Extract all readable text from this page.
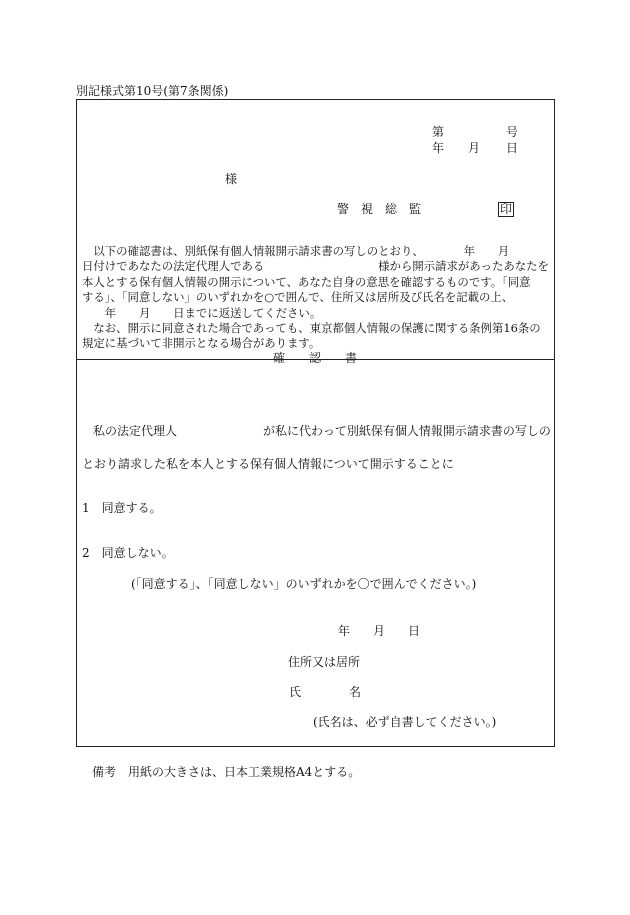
別記様式第10号(第7条関係)
第	号
年 月 日
様
警　視　総　監	印

　以下の確認書は、別紙保有個人情報開示請求書の写しのとおり、　　　　年　　月

日付けであなたの法定代理人である　　　　　　　　　　様から開示請求があったあなたを

本人とする保有個人情報の開示について、あなた自身の意思を確認するものです。「同意

する」、「同意しない」のいずれかを○で囲んで、住所又は居所及び氏名を記載の上、

　　年　　月　　日までに返送してください。

　なお、開示に同意された場合であっても、東京都個人情報の保護に関する条例第16条の

規定に基づいて非開示となる場合があります。

確　　認　　書
私の法定代理人	が私に代わって別紙保有個人情報開示請求書の写しの
とおり請求した私を本人とする保有個人情報について開示することに
1　同意する。
2　同意しない。
(「同意する」、「同意しない」のいずれかを〇で囲んでください。)
年 月 日
住所又は居所
氏	名
(氏名は、必ず自書してください。)
備考　用紙の大きさは、日本工業規格A4とする。
